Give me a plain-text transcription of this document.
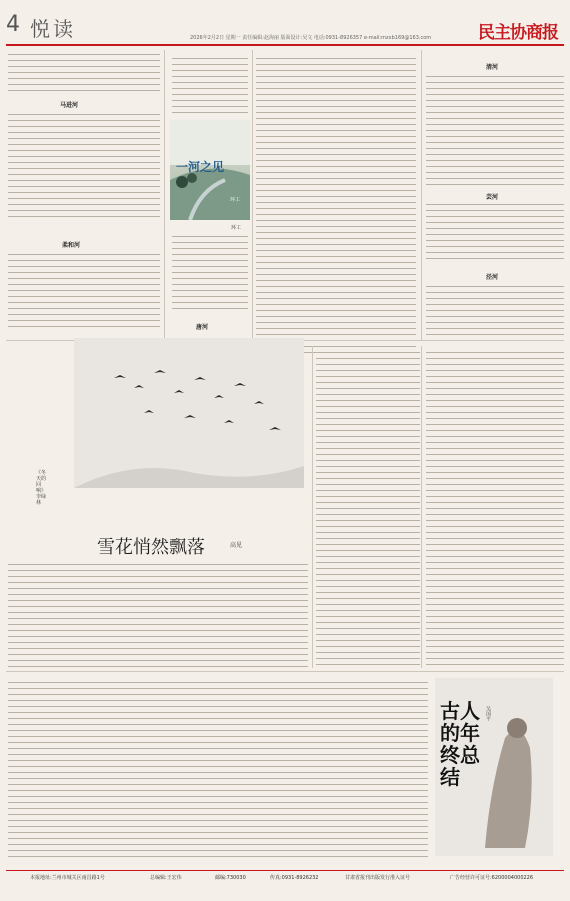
4 悦读	2026年2月2日 星期一 责任编辑:赵海丽 版面设计:吴文 电话:0931-8926357 e-mail:mzxb169@163.com	民主协商报
马进河
柔和河
一河之见
环工
环工
唐河
清河
芸河
泾河
《冬天的回响》 李绿林
雪花悄然飘落	高见
古人的年终总结
吴国平
本报地址:兰州市城关区南昌路1号	总编辑:王宏伟	邮编:730030	传真:0931-8926232	甘肃省报刊出版发行准入证号	广告经营许可证号:6200004000226
